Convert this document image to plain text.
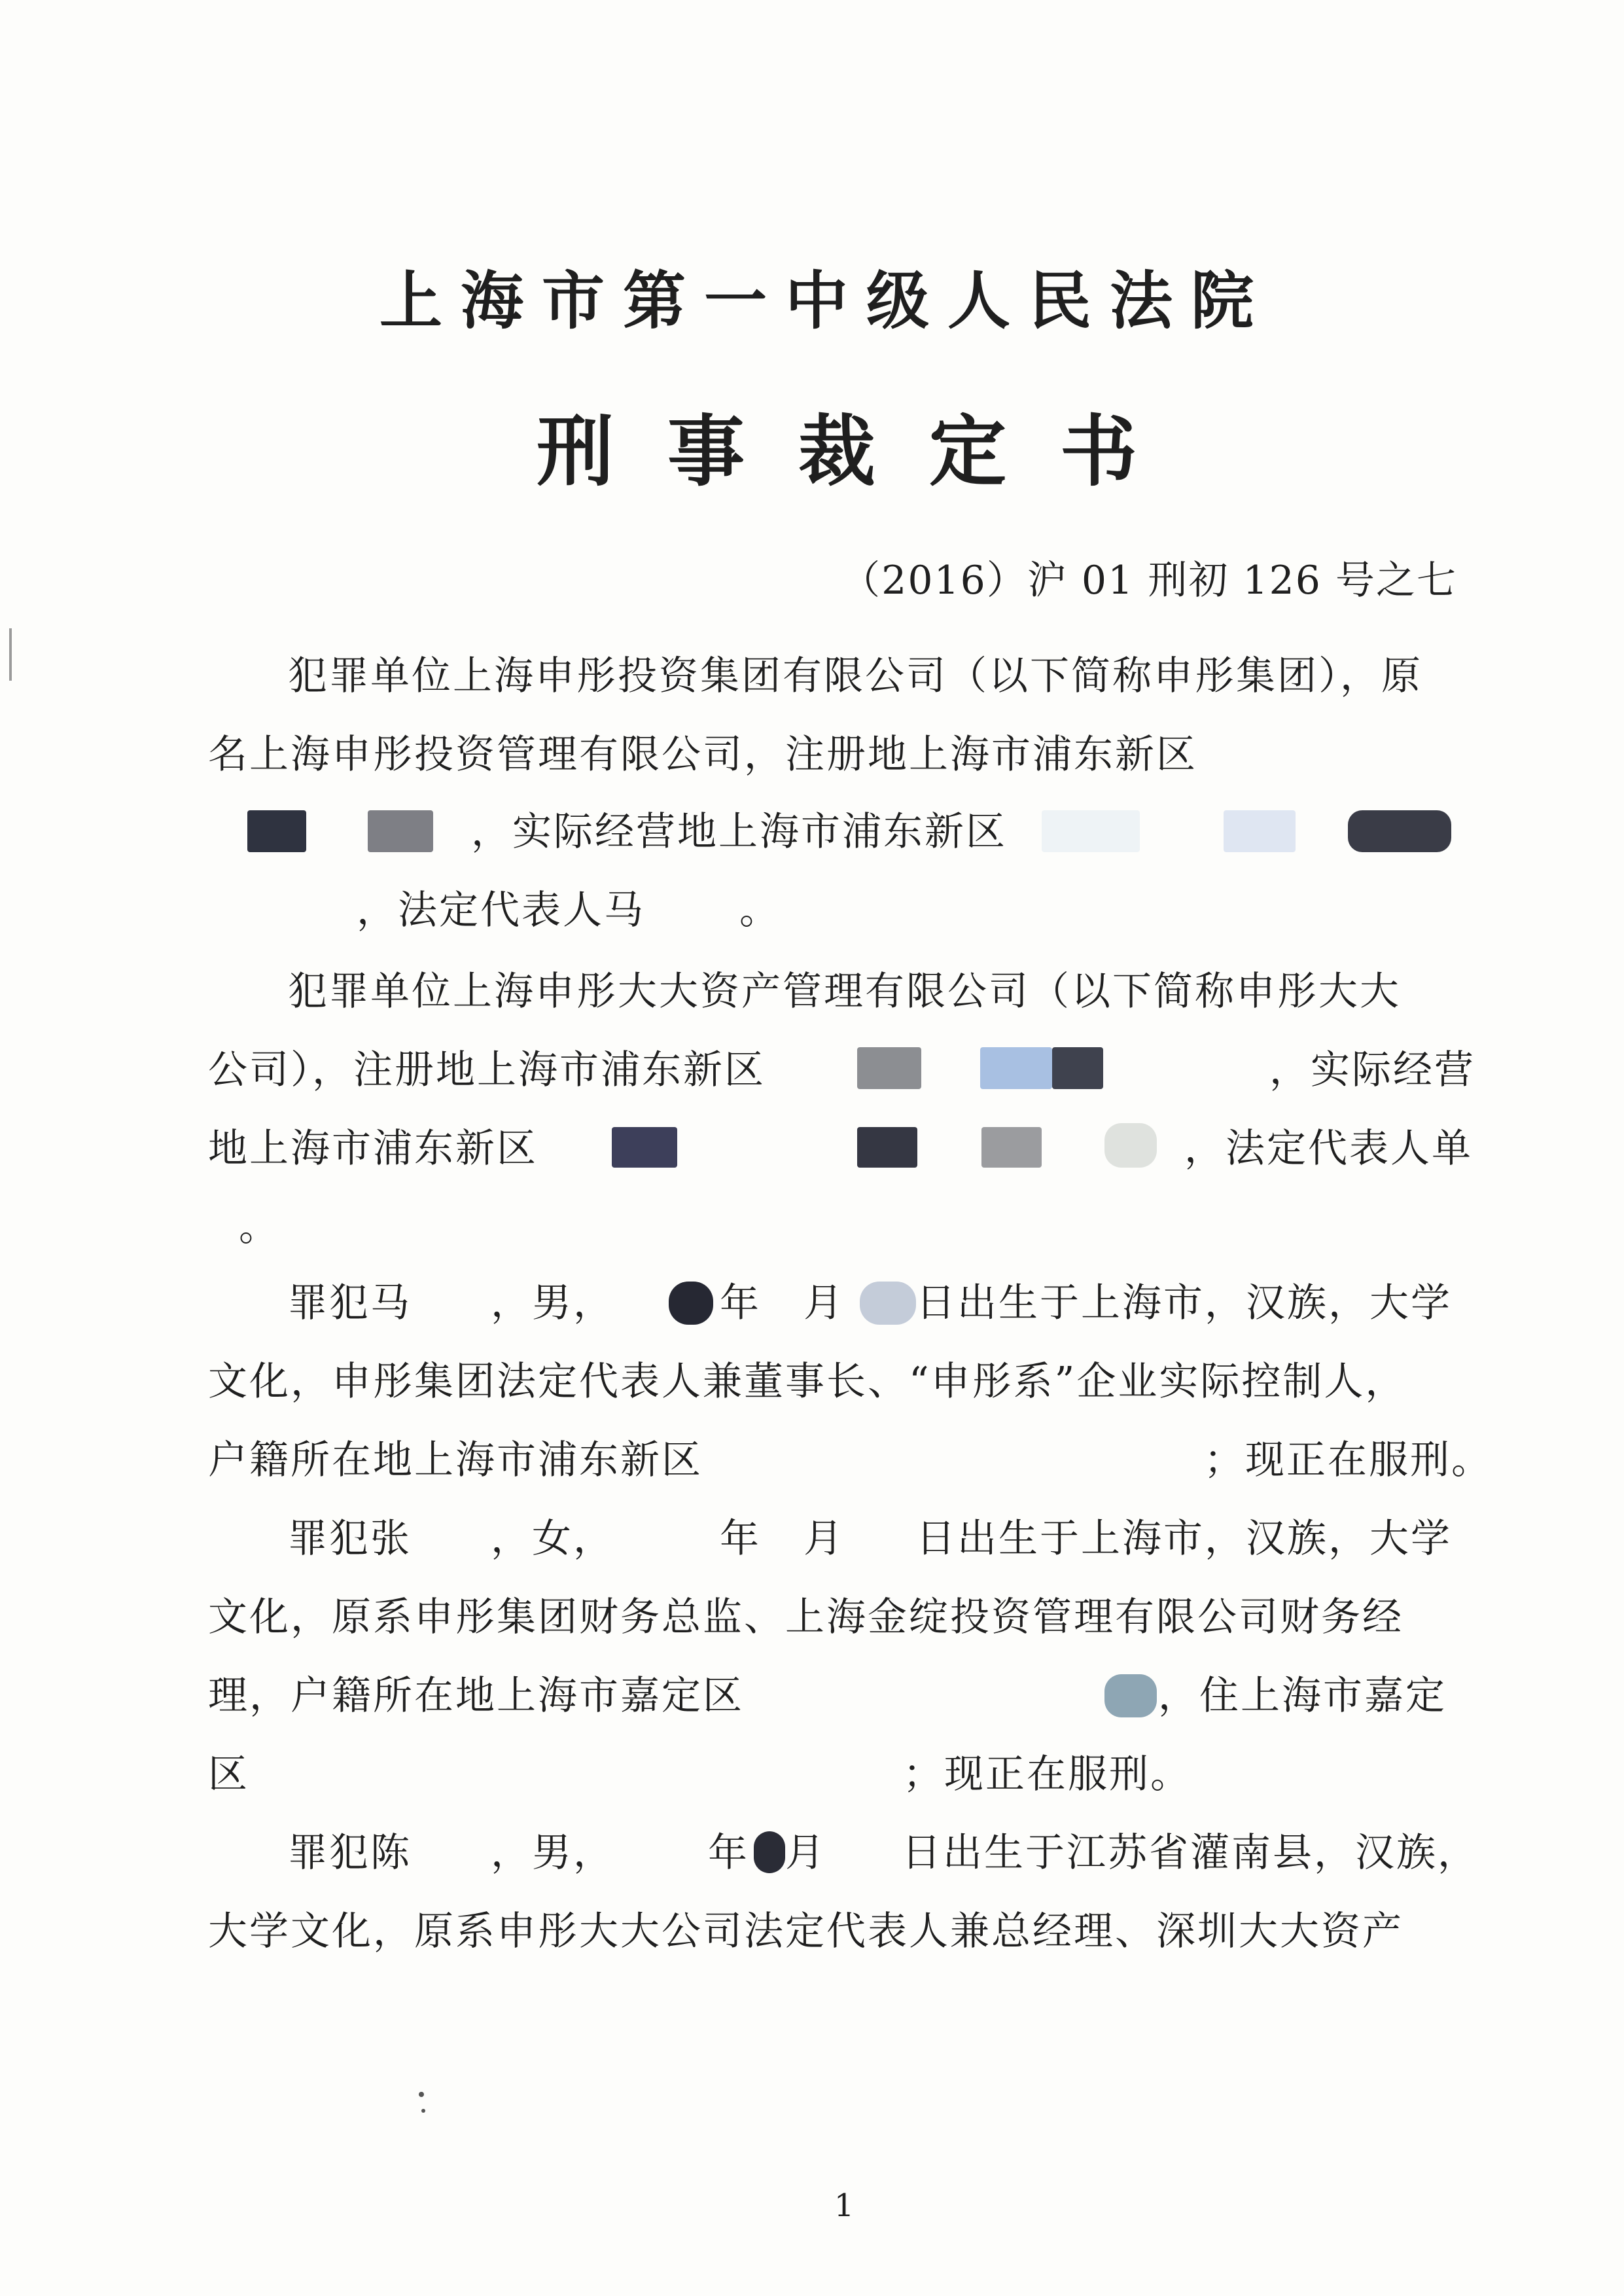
上海市第一中级人民法院
刑事裁定书
（2016）沪 01 刑初 126 号之七
犯罪单位上海申彤投资集团有限公司（以下简称申彤集团），原
名上海申彤投资管理有限公司，注册地上海市浦东新区
，实际经营地上海市浦东新区
，法定代表人马 。
犯罪单位上海申彤大大资产管理有限公司（以下简称申彤大大
公司），注册地上海市浦东新区	，实际经营
地上海市浦东新区	，法定代表人单
。
罪犯马 ，男，	年 月 日出生于上海市，汉族，大学
文化，申彤集团法定代表人兼董事长、“申彤系”企业实际控制人，
户籍所在地上海市浦东新区	；现正在服刑。
罪犯张 ，女，	年 月 日出生于上海市，汉族，大学
文化，原系申彤集团财务总监、上海金绽投资管理有限公司财务经
理，户籍所在地上海市嘉定区	，住上海市嘉定
区	；现正在服刑。
罪犯陈 ，男， 年 月 日出生于江苏省灌南县，汉族，
大学文化，原系申彤大大公司法定代表人兼总经理、深圳大大资产
1
